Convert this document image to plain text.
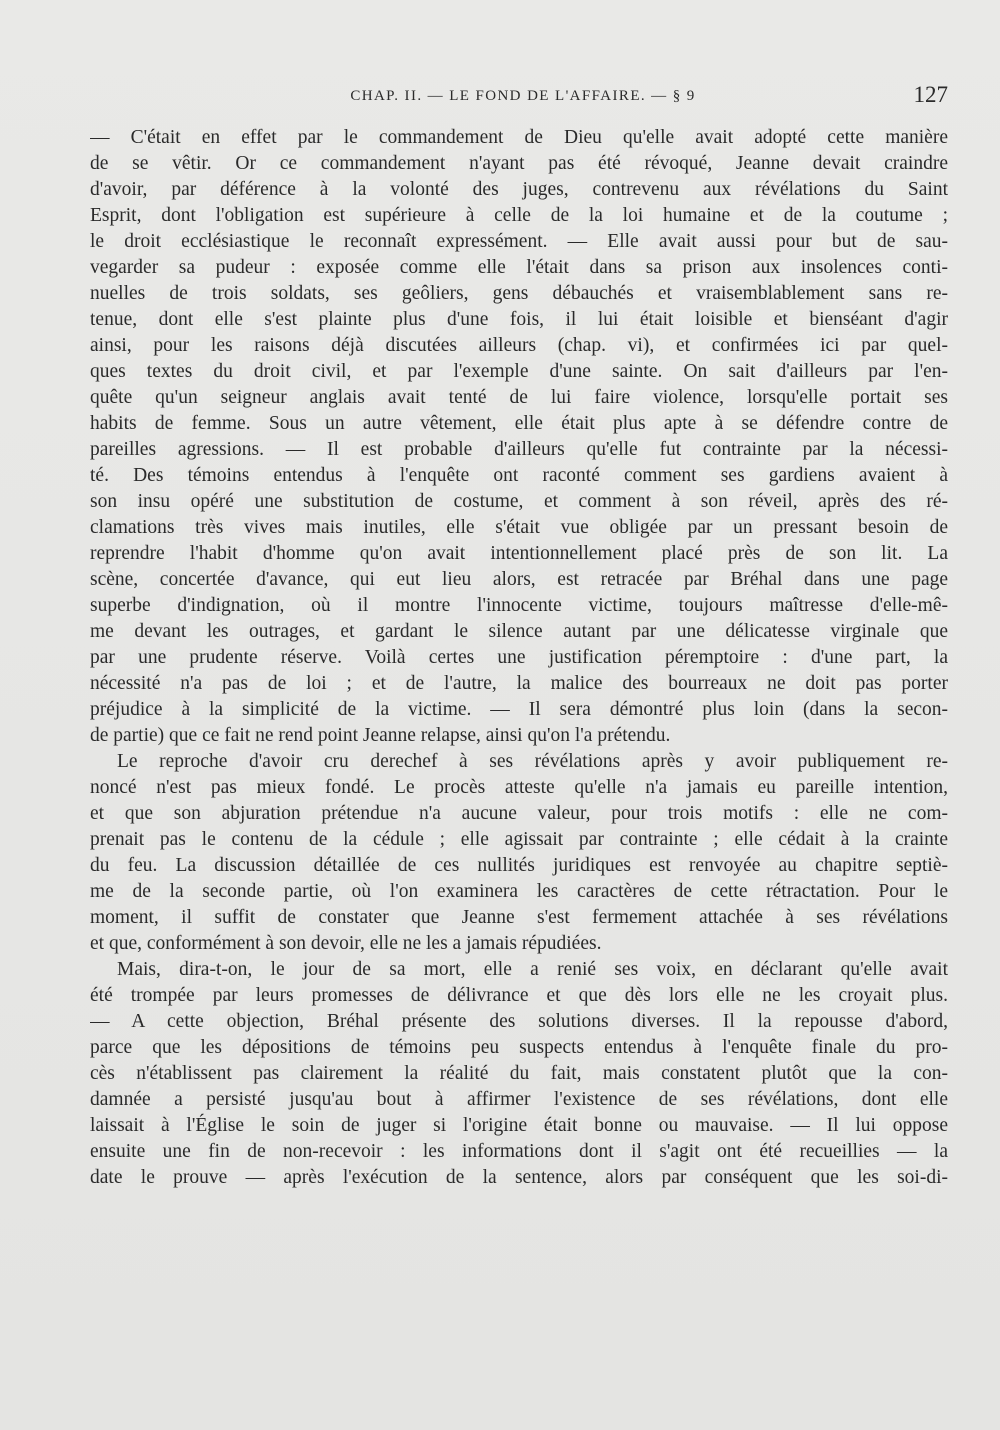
CHAP. II. — LE FOND DE L'AFFAIRE. — § 9	127
— C'était en effet par le commandement de Dieu qu'elle avait adopté cette manière
de se vêtir. Or ce commandement n'ayant pas été révoqué, Jeanne devait craindre
d'avoir, par déférence à la volonté des juges, contrevenu aux révélations du Saint
Esprit, dont l'obligation est supérieure à celle de la loi humaine et de la coutume ;
le droit ecclésiastique le reconnaît expressément. — Elle avait aussi pour but de sau-
vegarder sa pudeur : exposée comme elle l'était dans sa prison aux insolences conti-
nuelles de trois soldats, ses geôliers, gens débauchés et vraisemblablement sans re-
tenue, dont elle s'est plainte plus d'une fois, il lui était loisible et bienséant d'agir
ainsi, pour les raisons déjà discutées ailleurs (chap. vi), et confirmées ici par quel-
ques textes du droit civil, et par l'exemple d'une sainte. On sait d'ailleurs par l'en-
quête qu'un seigneur anglais avait tenté de lui faire violence, lorsqu'elle portait ses
habits de femme. Sous un autre vêtement, elle était plus apte à se défendre contre de
pareilles agressions. — Il est probable d'ailleurs qu'elle fut contrainte par la nécessi-
té. Des témoins entendus à l'enquête ont raconté comment ses gardiens avaient à
son insu opéré une substitution de costume, et comment à son réveil, après des ré-
clamations très vives mais inutiles, elle s'était vue obligée par un pressant besoin de
reprendre l'habit d'homme qu'on avait intentionnellement placé près de son lit. La
scène, concertée d'avance, qui eut lieu alors, est retracée par Bréhal dans une page
superbe d'indignation, où il montre l'innocente victime, toujours maîtresse d'elle-mê-
me devant les outrages, et gardant le silence autant par une délicatesse virginale que
par une prudente réserve. Voilà certes une justification péremptoire : d'une part, la
nécessité n'a pas de loi ; et de l'autre, la malice des bourreaux ne doit pas porter
préjudice à la simplicité de la victime. — Il sera démontré plus loin (dans la secon-
de partie) que ce fait ne rend point Jeanne relapse, ainsi qu'on l'a prétendu.
Le reproche d'avoir cru derechef à ses révélations après y avoir publiquement re-
noncé n'est pas mieux fondé. Le procès atteste qu'elle n'a jamais eu pareille intention,
et que son abjuration prétendue n'a aucune valeur, pour trois motifs : elle ne com-
prenait pas le contenu de la cédule ; elle agissait par contrainte ; elle cédait à la crainte
du feu. La discussion détaillée de ces nullités juridiques est renvoyée au chapitre septiè-
me de la seconde partie, où l'on examinera les caractères de cette rétractation. Pour le
moment, il suffit de constater que Jeanne s'est fermement attachée à ses révélations
et que, conformément à son devoir, elle ne les a jamais répudiées.
Mais, dira-t-on, le jour de sa mort, elle a renié ses voix, en déclarant qu'elle avait
été trompée par leurs promesses de délivrance et que dès lors elle ne les croyait plus.
— A cette objection, Bréhal présente des solutions diverses. Il la repousse d'abord,
parce que les dépositions de témoins peu suspects entendus à l'enquête finale du pro-
cès n'établissent pas clairement la réalité du fait, mais constatent plutôt que la con-
damnée a persisté jusqu'au bout à affirmer l'existence de ses révélations, dont elle
laissait à l'Église le soin de juger si l'origine était bonne ou mauvaise. — Il lui oppose
ensuite une fin de non-recevoir : les informations dont il s'agit ont été recueillies — la
date le prouve — après l'exécution de la sentence, alors par conséquent que les soi-di-
